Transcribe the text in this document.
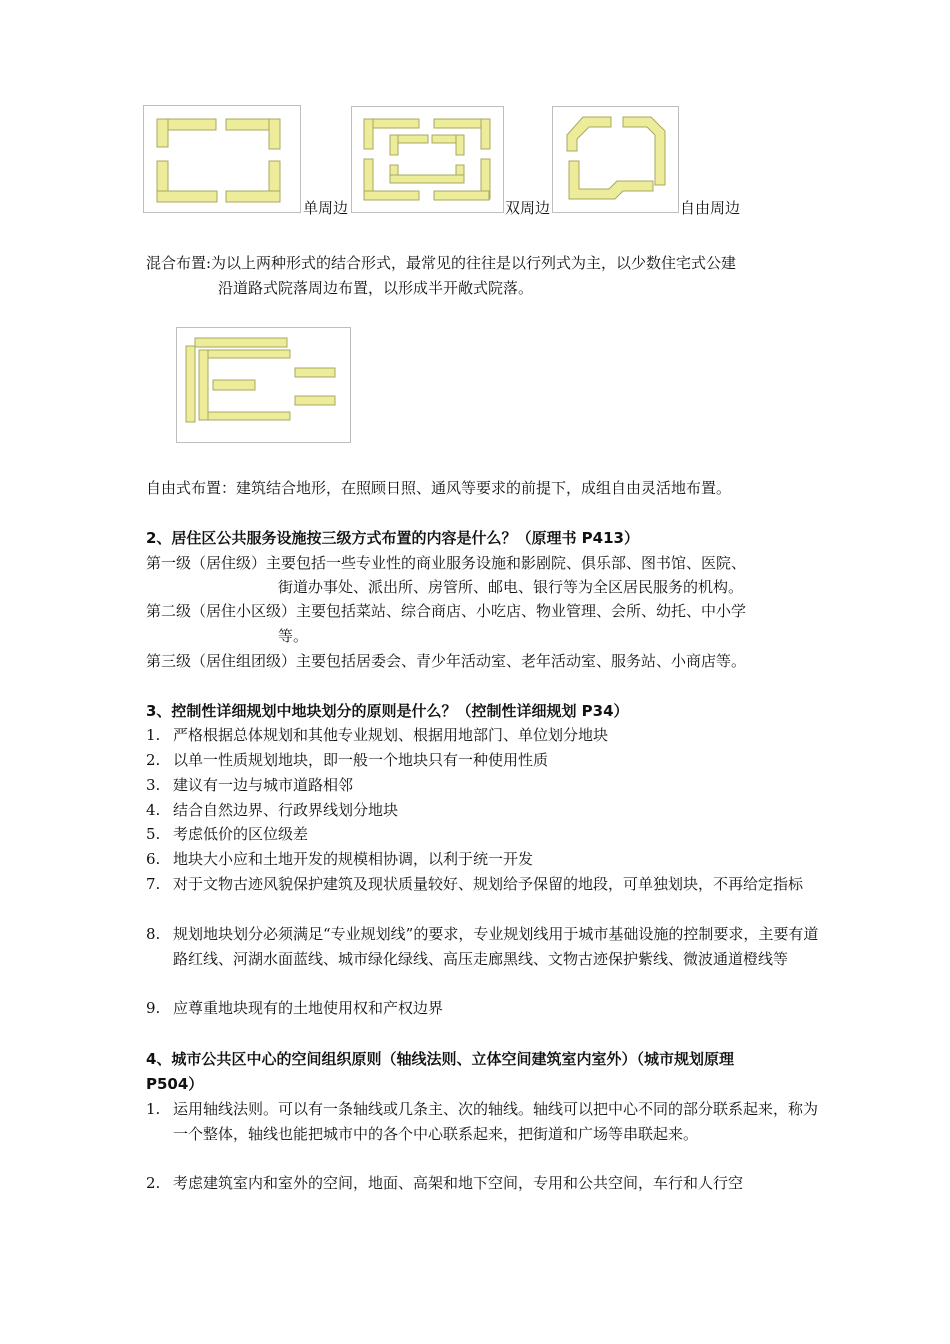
单周边	双周边	自由周边
混合布置:为以上两种形式的结合形式，最常见的往往是以行列式为主，以少数住宅式公建
沿道路式院落周边布置，以形成半开敞式院落。
自由式布置：建筑结合地形，在照顾日照、通风等要求的前提下，成组自由灵活地布置。
2、居住区公共服务设施按三级方式布置的内容是什么？（原理书 P413）
第一级（居住级）主要包括一些专业性的商业服务设施和影剧院、俱乐部、图书馆、医院、
街道办事处、派出所、房管所、邮电、银行等为全区居民服务的机构。
第二级（居住小区级）主要包括菜站、综合商店、小吃店、物业管理、会所、幼托、中小学
等。
第三级（居住组团级）主要包括居委会、青少年活动室、老年活动室、服务站、小商店等。
3、控制性详细规划中地块划分的原则是什么？（控制性详细规划 P34）
1. 严格根据总体规划和其他专业规划、根据用地部门、单位划分地块
2. 以单一性质规划地块，即一般一个地块只有一种使用性质
3. 建议有一边与城市道路相邻
4. 结合自然边界、行政界线划分地块
5. 考虑低价的区位级差
6. 地块大小应和土地开发的规模相协调，以利于统一开发
7. 对于文物古迹风貌保护建筑及现状质量较好、规划给予保留的地段，可单独划块，不再给定指标
8. 规划地块划分必须满足“专业规划线”的要求，专业规划线用于城市基础设施的控制要求，主要有道路红线、河湖水面蓝线、城市绿化绿线、高压走廊黑线、文物古迹保护紫线、微波通道橙线等
9. 应尊重地块现有的土地使用权和产权边界
4、城市公共区中心的空间组织原则（轴线法则、立体空间建筑室内室外）（城市规划原理
P504）
1. 运用轴线法则。可以有一条轴线或几条主、次的轴线。轴线可以把中心不同的部分联系起来，称为一个整体，轴线也能把城市中的各个中心联系起来，把街道和广场等串联起来。
2. 考虑建筑室内和室外的空间，地面、高架和地下空间，专用和公共空间，车行和人行空
